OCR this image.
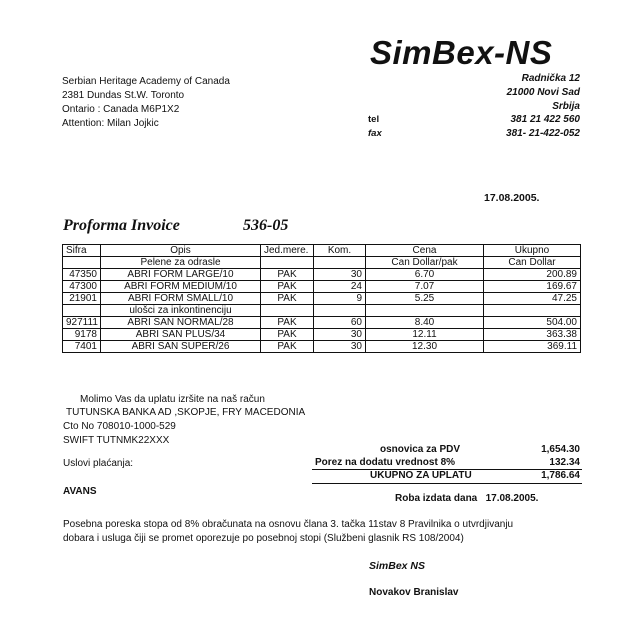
SimBex-NS
Serbian Heritage Academy of Canada
2381 Dundas St.W. Toronto
Ontario : Canada M6P1X2
Attention: Milan Jojkic
Radnička 12
21000 Novi Sad
Srbija
tel	381 21 422 560
fax	381- 21-422-052
17.08.2005.
Proforma Invoice	536-05
Sifra	Opis	Jed.mere.	Kom.	Cena	Ukupno
	Pelene za odrasle			Can Dollar/pak	Can Dollar
47350	ABRI FORM LARGE/10	PAK	30	6.70	200.89
47300	ABRI FORM MEDIUM/10	PAK	24	7.07	169.67
21901	ABRI FORM SMALL/10	PAK	9	5.25	47.25
	ulošci za inkontinenciju				
927111	ABRI SAN NORMAL/28	PAK	60	8.40	504.00
9178	ABRI SAN PLUS/34	PAK	30	12.11	363.38
7401	ABRI SAN SUPER/26	PAK	30	12.30	369.11
Molimo Vas da uplatu izršite na naš račun
TUTUNSKA BANKA AD ,SKOPJE, FRY MACEDONIA
Cto No 708010-1000-529
SWIFT TUTNMK22XXX
Uslovi plaćanja:
AVANS
osnovica za PDV	1,654.30
Porez na dodatu vrednost 8%	132.34
UKUPNO ZA UPLATU	1,786.64
Roba izdata dana 17.08.2005.
Posebna poreska stopa od 8% obračunata na osnovu člana 3. tačka 11stav 8 Pravilnika o utvrdjivanju
dobara i usluga čiji se promet oporezuje po posebnoj stopi (Službeni glasnik RS 108/2004)
SimBex NS
Novakov Branislav
